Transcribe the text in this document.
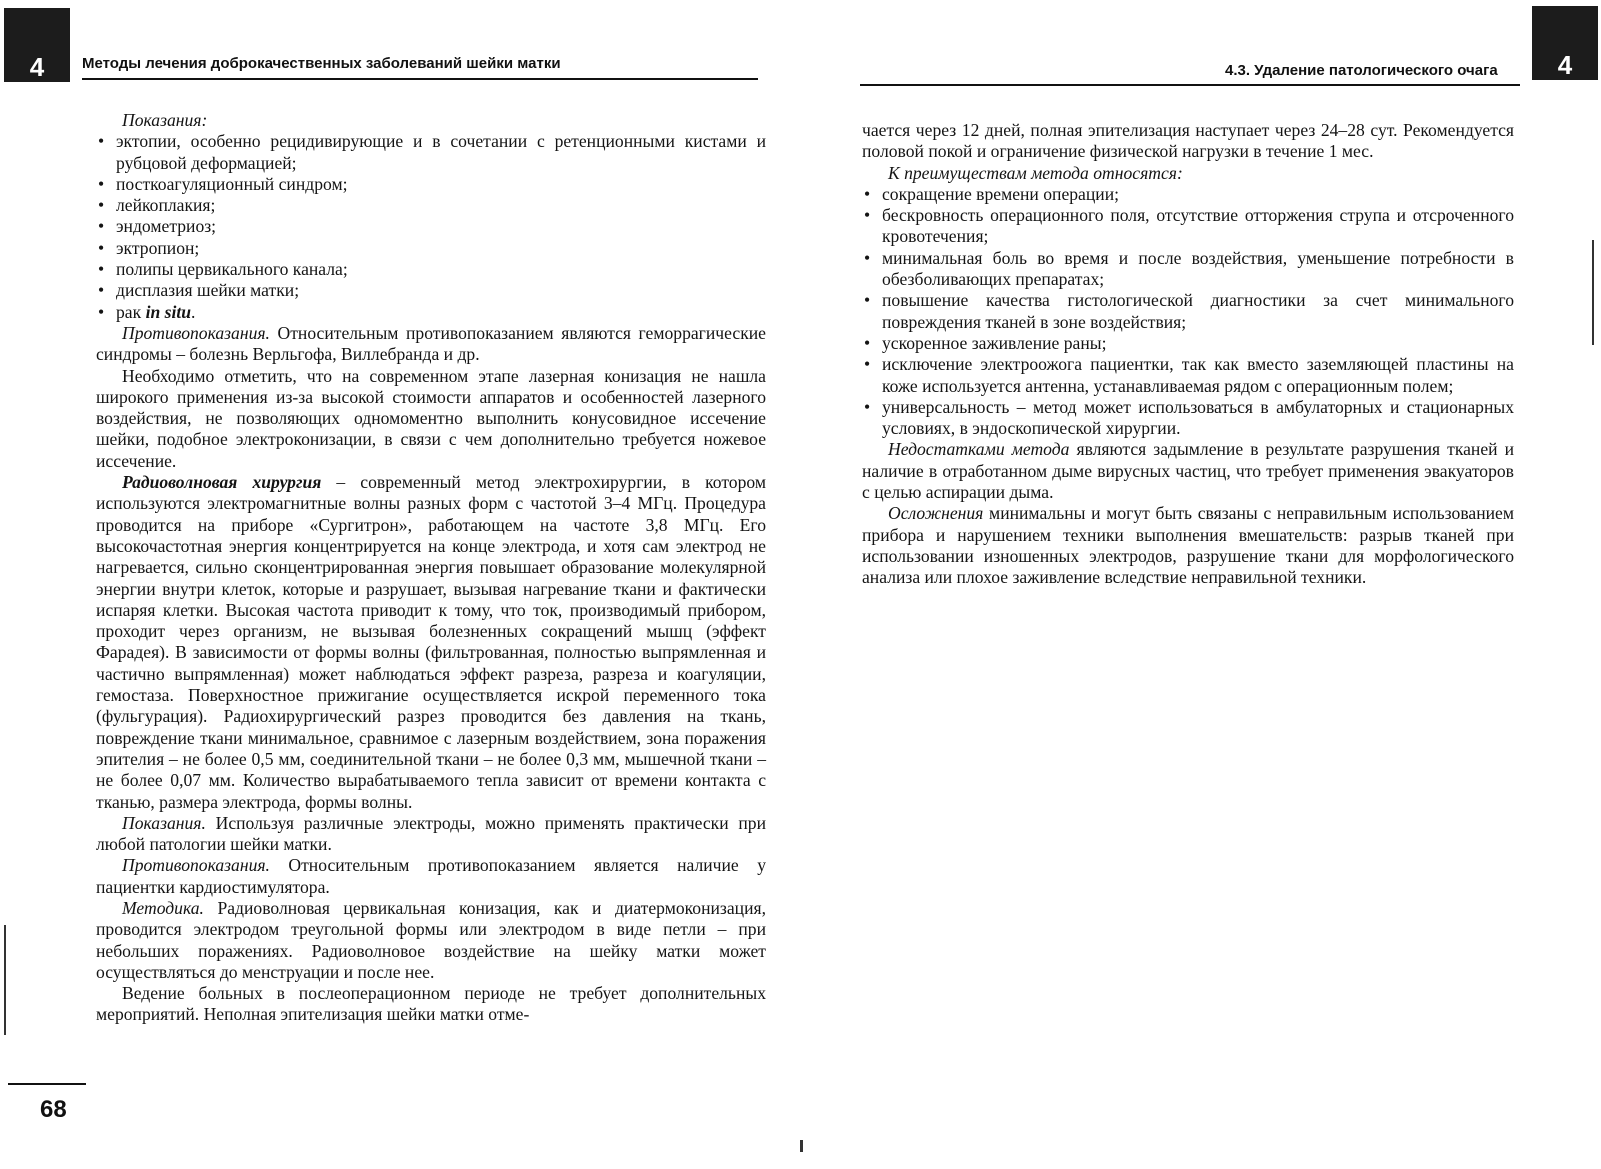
4	Методы лечения доброкачественных заболеваний шейки матки

Показания:

• эктопии, особенно рецидивирующие и в сочетании с ретенционными кистами и рубцовой деформацией;
• посткоагуляционный синдром;
• лейкоплакия;
• эндометриоз;
• эктропион;
• полипы цервикального канала;
• дисплазия шейки матки;
• рак in situ.

Противопоказания. Относительным противопоказанием являются геморрагические синдромы – болезнь Верльгофа, Виллебранда и др.

Необходимо отметить, что на современном этапе лазерная конизация не нашла широкого применения из-за высокой стоимости аппаратов и особенностей лазерного воздействия, не позволяющих одномоментно выполнить конусовидное иссечение шейки, подобное электроконизации, в связи с чем дополнительно требуется ножевое иссечение.

Радиоволновая хирургия – современный метод электрохирургии, в котором используются электромагнитные волны разных форм с частотой 3–4 МГц. Процедура проводится на приборе «Сургитрон», работающем на частоте 3,8 МГц. Его высокочастотная энергия концентрируется на конце электрода, и хотя сам электрод не нагревается, сильно сконцентрированная энергия повышает образование молекулярной энергии внутри клеток, которые и разрушает, вызывая нагревание ткани и фактически испаряя клетки. Высокая частота приводит к тому, что ток, производимый прибором, проходит через организм, не вызывая болезненных сокращений мышц (эффект Фарадея). В зависимости от формы волны (фильтрованная, полностью выпрямленная и частично выпрямленная) может наблюдаться эффект разреза, разреза и коагуляции, гемостаза. Поверхностное прижигание осуществляется искрой переменного тока (фульгурация). Радиохирургический разрез проводится без давления на ткань, повреждение ткани минимальное, сравнимое с лазерным воздействием, зона поражения эпителия – не более 0,5 мм, соединительной ткани – не более 0,3 мм, мышечной ткани – не более 0,07 мм. Количество вырабатываемого тепла зависит от времени контакта с тканью, размера электрода, формы волны.

Показания. Используя различные электроды, можно применять практически при любой патологии шейки матки.

Противопоказания. Относительным противопоказанием является наличие у пациентки кардиостимулятора.

Методика. Радиоволновая цервикальная конизация, как и диатермоконизация, проводится электродом треугольной формы или электродом в виде петли – при небольших поражениях. Радиоволновое воздействие на шейку матки может осуществляться до менструации и после нее.

Ведение больных в послеоперационном периоде не требует дополнительных мероприятий. Неполная эпителизация шейки матки отме-

68
4.3. Удаление патологического очага	4

чается через 12 дней, полная эпителизация наступает через 24–28 сут. Рекомендуется половой покой и ограничение физической нагрузки в течение 1 мес.

К преимуществам метода относятся:

• сокращение времени операции;
• бескровность операционного поля, отсутствие отторжения струпа и отсроченного кровотечения;
• минимальная боль во время и после воздействия, уменьшение потребности в обезболивающих препаратах;
• повышение качества гистологической диагностики за счет минимального повреждения тканей в зоне воздействия;
• ускоренное заживление раны;
• исключение электроожога пациентки, так как вместо заземляющей пластины на коже используется антенна, устанавливаемая рядом с операционным полем;
• универсальность – метод может использоваться в амбулаторных и стационарных условиях, в эндоскопической хирургии.

Недостатками метода являются задымление в результате разрушения тканей и наличие в отработанном дыме вирусных частиц, что требует применения эвакуаторов с целью аспирации дыма.

Осложнения минимальны и могут быть связаны с неправильным использованием прибора и нарушением техники выполнения вмешательств: разрыв тканей при использовании изношенных электродов, разрушение ткани для морфологического анализа или плохое заживление вследствие неправильной техники.
